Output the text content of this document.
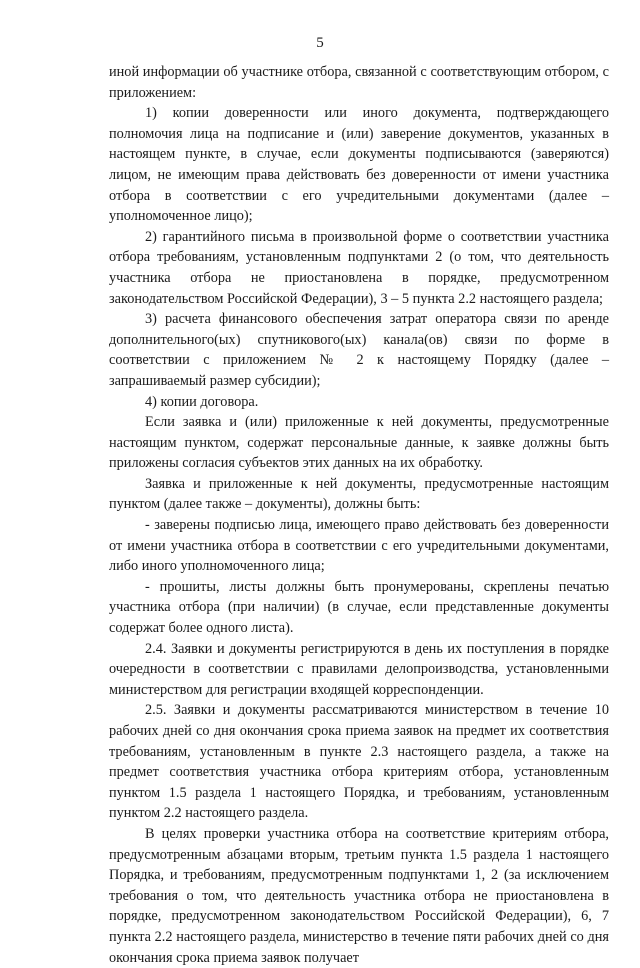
5

иной информации об участнике отбора, связанной с соответствующим отбором, с приложением:

1) копии доверенности или иного документа, подтверждающего полномочия лица на подписание и (или) заверение документов, указанных в настоящем пункте, в случае, если документы подписываются (заверяются) лицом, не имеющим права действовать без доверенности от имени участника отбора в соответствии с его учредительными документами (далее – уполномоченное лицо);

2) гарантийного письма в произвольной форме о соответствии участника отбора требованиям, установленным подпунктами 2 (о том, что деятельность участника отбора не приостановлена в порядке, предусмотренном законодательством Российской Федерации), 3 – 5 пункта 2.2 настоящего раздела;

3) расчета финансового обеспечения затрат оператора связи по аренде дополнительного(ых) спутникового(ых) канала(ов) связи по форме в соответствии с приложением № 2 к настоящему Порядку (далее – запрашиваемый размер субсидии);

4) копии договора.

Если заявка и (или) приложенные к ней документы, предусмотренные настоящим пунктом, содержат персональные данные, к заявке должны быть приложены согласия субъектов этих данных на их обработку.

Заявка и приложенные к ней документы, предусмотренные настоящим пунктом (далее также – документы), должны быть:

- заверены подписью лица, имеющего право действовать без доверенности от имени участника отбора в соответствии с его учредительными документами, либо иного уполномоченного лица;

- прошиты, листы должны быть пронумерованы, скреплены печатью участника отбора (при наличии) (в случае, если представленные документы содержат более одного листа).

2.4. Заявки и документы регистрируются в день их поступления в порядке очередности в соответствии с правилами делопроизводства, установленными министерством для регистрации входящей корреспонденции.

2.5. Заявки и документы рассматриваются министерством в течение 10 рабочих дней со дня окончания срока приема заявок на предмет их соответствия требованиям, установленным в пункте 2.3 настоящего раздела, а также на предмет соответствия участника отбора критериям отбора, установленным пунктом 1.5 раздела 1 настоящего Порядка, и требованиям, установленным пунктом 2.2 настоящего раздела.

В целях проверки участника отбора на соответствие критериям отбора, предусмотренным абзацами вторым, третьим пункта 1.5 раздела 1 настоящего Порядка, и требованиям, предусмотренным подпунктами 1, 2 (за исключением требования о том, что деятельность участника отбора не приостановлена в порядке, предусмотренном законодательством Российской Федерации), 6, 7 пункта 2.2 настоящего раздела, министерство в течение пяти рабочих дней со дня окончания срока приема заявок получает
